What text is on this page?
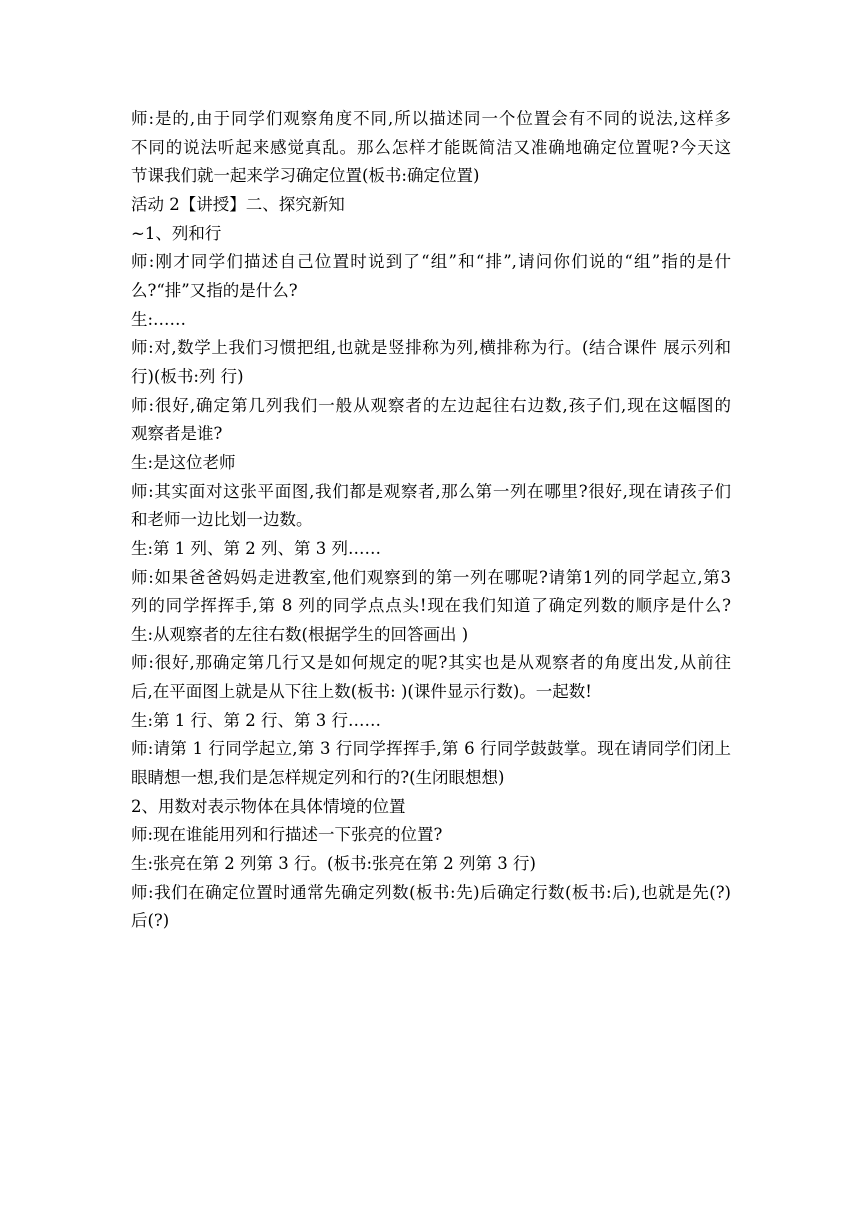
师:是的,由于同学们观察角度不同,所以描述同一个位置会有不同的说法,这样多
不同的说法听起来感觉真乱。那么怎样才能既简洁又准确地确定位置呢?今天这
节课我们就一起来学习确定位置(板书:确定位置)
活动 2【讲授】二、探究新知
~1、列和行
师:刚才同学们描述自己位置时说到了“组”和“排”,请问你们说的“组”指的是什
么?“排”又指的是什么?
生:……
师:对,数学上我们习惯把组,也就是竖排称为列,横排称为行。(结合课件 展示列和
行)(板书:列 行)
师:很好,确定第几列我们一般从观察者的左边起往右边数,孩子们,现在这幅图的
观察者是谁?
生:是这位老师
师:其实面对这张平面图,我们都是观察者,那么第一列在哪里?很好,现在请孩子们
和老师一边比划一边数。
生:第 1 列、第 2 列、第 3 列……
师:如果爸爸妈妈走进教室,他们观察到的第一列在哪呢?请第1列的同学起立,第3
列的同学挥挥手,第 8 列的同学点点头!现在我们知道了确定列数的顺序是什么?
生:从观察者的左往右数(根据学生的回答画出 )
师:很好,那确定第几行又是如何规定的呢?其实也是从观察者的角度出发,从前往
后,在平面图上就是从下往上数(板书: )(课件显示行数)。一起数!
生:第 1 行、第 2 行、第 3 行……
师:请第 1 行同学起立,第 3 行同学挥挥手,第 6 行同学鼓鼓掌。现在请同学们闭上
眼睛想一想,我们是怎样规定列和行的?(生闭眼想想)
2、用数对表示物体在具体情境的位置
师:现在谁能用列和行描述一下张亮的位置?
生:张亮在第 2 列第 3 行。(板书:张亮在第 2 列第 3 行)
师:我们在确定位置时通常先确定列数(板书:先)后确定行数(板书:后),也就是先(?)
后(?)
